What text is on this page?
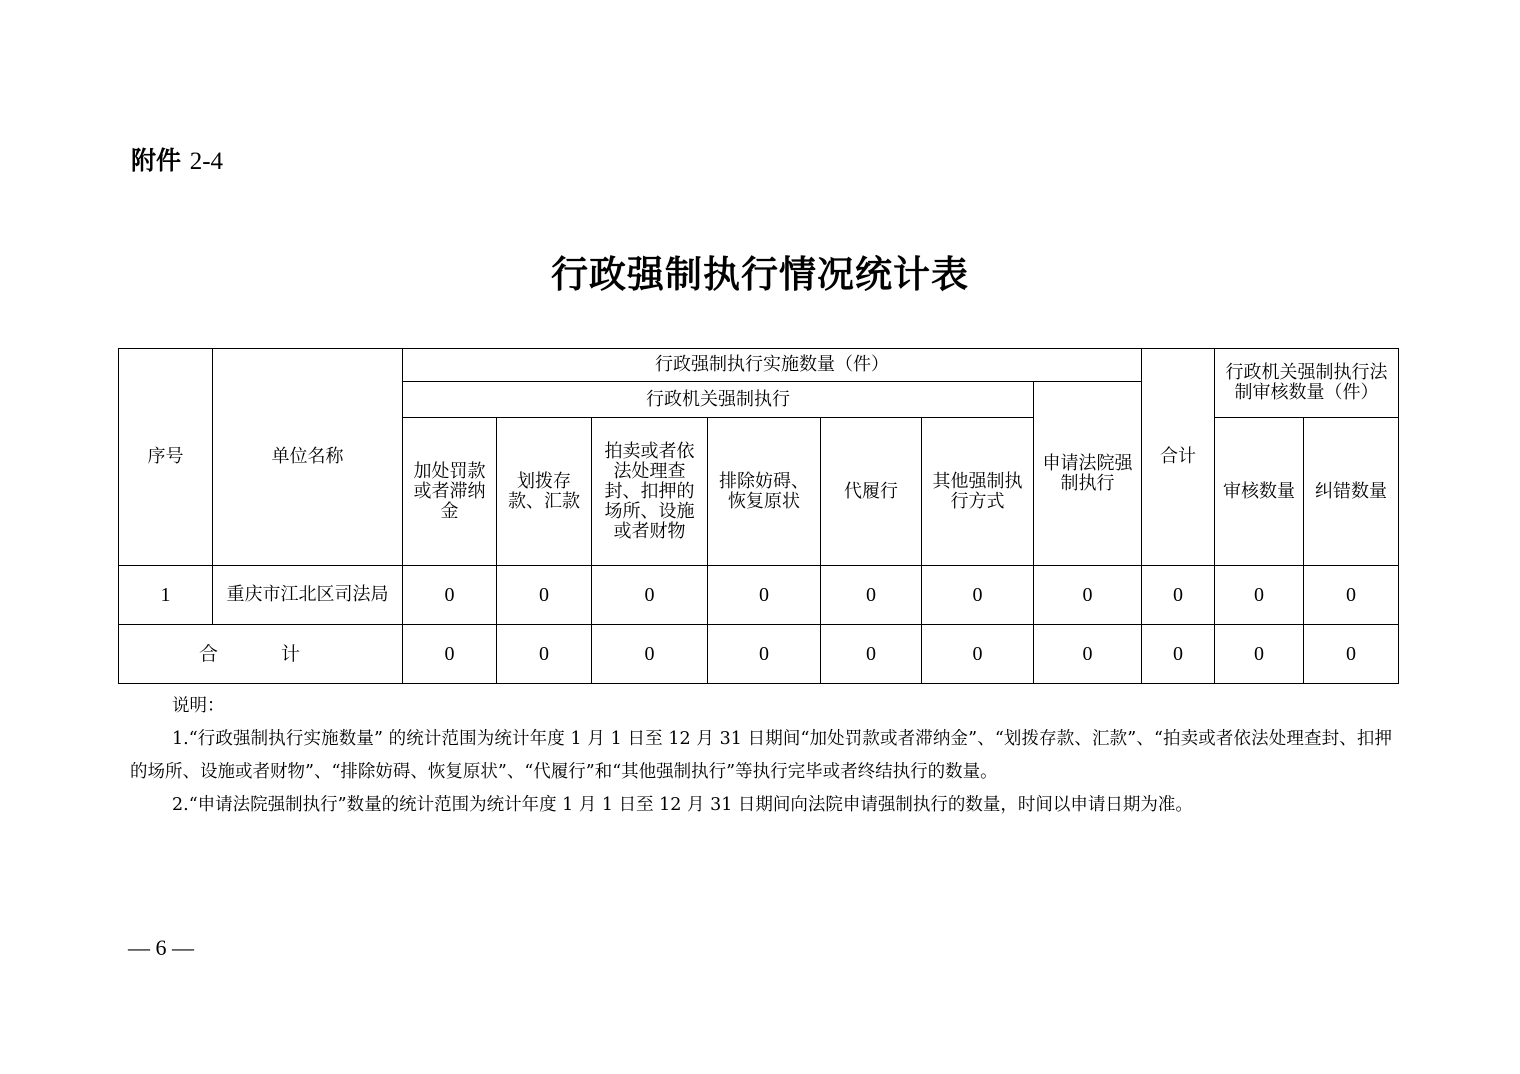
附件 2-4
行政强制执行情况统计表
序号	单位名称	行政强制执行实施数量（件）							合计	行政机关强制执行法制审核数量（件）	
		行政机关强制执行						申请法院强制执行			
		加处罚款或者滞纳金	划拨存款、汇款	拍卖或者依法处理查封、扣押的场所、设施或者财物	排除妨碍、恢复原状	代履行	其他强制执行方式			审核数量	纠错数量
1	重庆市江北区司法局	0	0	0	0	0	0	0	0	0	0
合　计		0	0	0	0	0	0	0	0	0	0

说明：

1.“行政强制执行实施数量” 的统计范围为统计年度 1 月 1 日至 12 月 31 日期间“加处罚款或者滞纳金”、“划拨存款、汇款”、“拍卖或者依法处理查封、扣押的场所、设施或者财物”、“排除妨碍、恢复原状”、“代履行”和“其他强制执行”等执行完毕或者终结执行的数量。

2.“申请法院强制执行”数量的统计范围为统计年度 1 月 1 日至 12 月 31 日期间向法院申请强制执行的数量，时间以申请日期为准。

— 6 —
